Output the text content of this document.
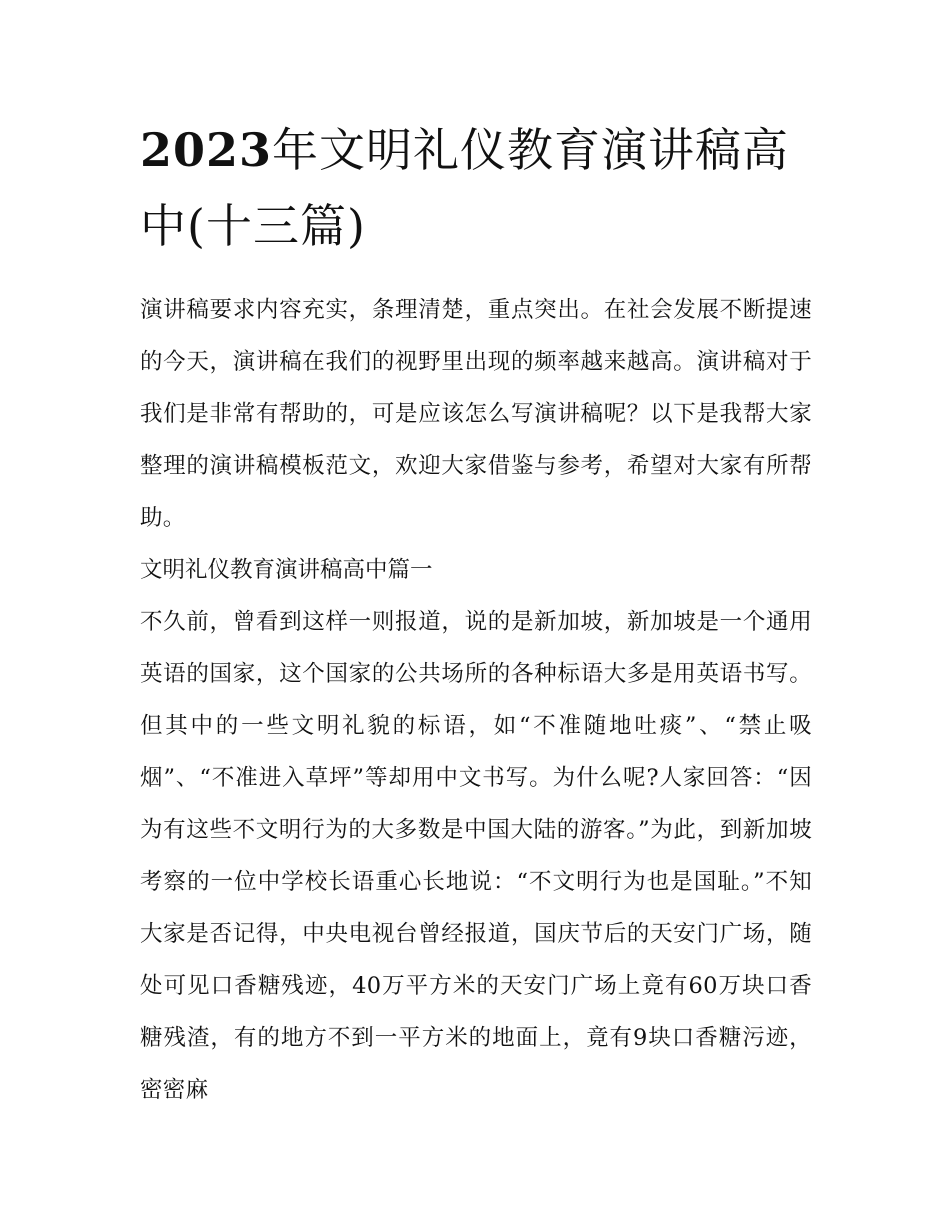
2023年文明礼仪教育演讲稿高中(十三篇)

演讲稿要求内容充实，条理清楚，重点突出。在社会发展不断提速的今天，演讲稿在我们的视野里出现的频率越来越高。演讲稿对于我们是非常有帮助的，可是应该怎么写演讲稿呢？以下是我帮大家整理的演讲稿模板范文，欢迎大家借鉴与参考，希望对大家有所帮助。

文明礼仪教育演讲稿高中篇一

不久前，曾看到这样一则报道，说的是新加坡，新加坡是一个通用英语的国家，这个国家的公共场所的各种标语大多是用英语书写。但其中的一些文明礼貌的标语，如“不准随地吐痰”、“禁止吸烟”、“不准进入草坪”等却用中文书写。为什么呢?人家回答：“因为有这些不文明行为的大多数是中国大陆的游客。”为此，到新加坡考察的一位中学校长语重心长地说：“不文明行为也是国耻。”不知大家是否记得，中央电视台曾经报道，国庆节后的天安门广场，随处可见口香糖残迹，40万平方米的天安门广场上竟有60万块口香糖残渣，有的地方不到一平方米的地面上，竟有9块口香糖污迹，密密麻
